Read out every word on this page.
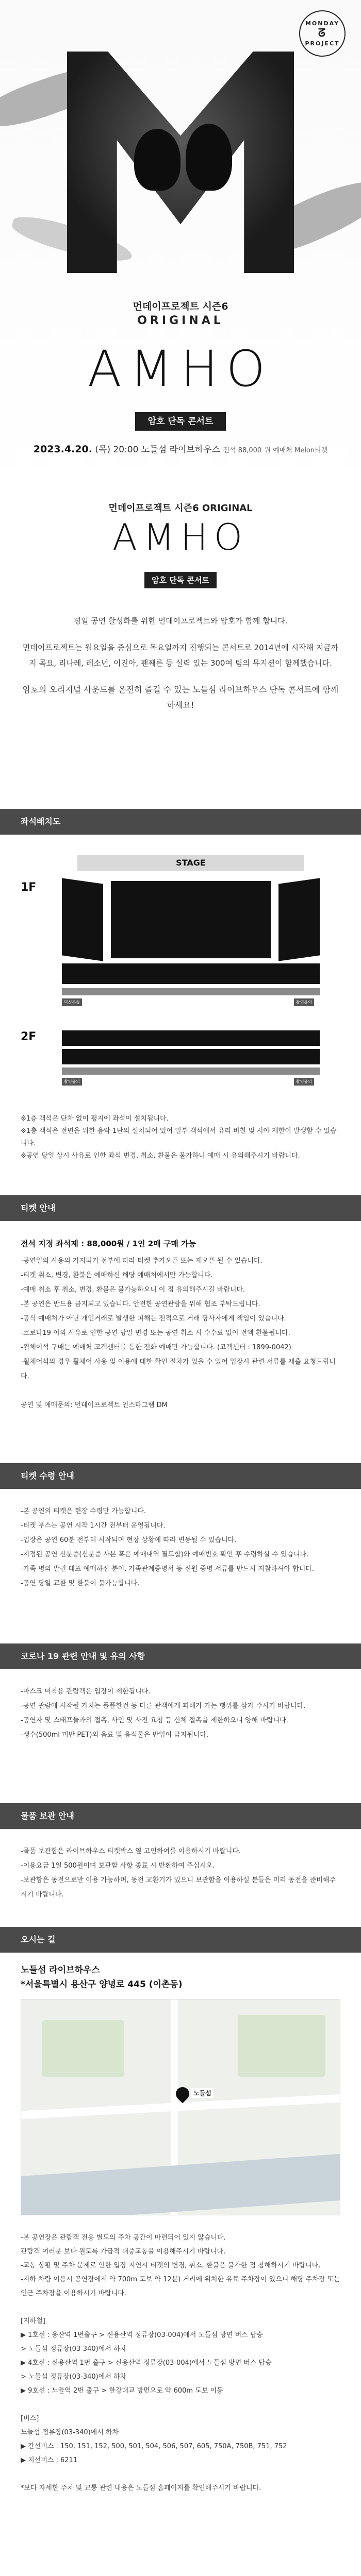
MONDAY
ᘔ
PROJECT
먼데이프로젝트 시즌6
ORIGINAL
AMHO
암호 단독 콘서트
2023.4.20. (목) 20:00 노들섬 라이브하우스 전석 88,000 원 예매처 Melon티켓
먼데이프로젝트 시즌6 ORIGINAL
AMHO
암호 단독 콘서트

평일 공연 활성화를 위한 먼데이프로젝트와 암호가 함께 합니다.

먼데이프로젝트는 월요일을 중심으로 목요일까지 진행되는 콘서트로 2014년에 시작해 지금까지 목요, 리나레, 레소넌, 이진아, 펜째른 등 실력 있는 300여 팀의 뮤지션이 함께했습니다.

암호의 오리지널 사운드를 온전히 즐길 수 있는 노들섬 라이브하우스 단독 콘서트에 함께 하세요!

좌석배치도
1F
STAGE
믹싱콘솔	촬영유의
2F
촬영유의	촬영유의

※1층 객석은 단차 없이 평지에 좌석이 설치됩니다.

※1층 객석은 전면을 위한 음악 1단의 설치되어 있어 일부 객석에서 유리 비칠 및 시야 제한이 발생할 수 있습니다.

※공연 당일 상시 사유로 인한 좌석 변경, 취소, 환불은 불가하니 예매 시 유의해주시기 바랍니다.

티켓 안내

전석 지정 좌석제 : 88,000원 / 1인 2매 구매 가능

-공연일의 사용의 가지되기 전부에 따라 티켓 추가오픈 또는 제오픈 될 수 있습니다.

-티켓 취소, 변경, 환불은 예매하신 해당 예매처에서만 가능합니다.

-예매 취소 후 취소, 변경, 환불은 불가능하오니 이 점 유의해주시길 바랍니다.

-본 공연은 반드용 금지되고 있습니다. 안전한 공연관람을 위해 협조 부탁드립니다.

-공식 예매처가 아닌 개인거래로 발생한 피해는 전적으로 거래 당사자에게 책임이 있습니다.

-코로나19 이외 사유로 인한 공연 당일 변경 또는 공연 취소 시 수수료 없이 전액 환불됩니다.

-휠체어석 구매는 예매처 고객센터를 통한 전화 예매만 가능합니다. (고객센터 : 1899-0042)

-휠체어석의 경우 휠체어 사용 및 이용에 대한 확인 절차가 있을 수 있어 입장시 관련 서류를 제출 요청드립니다.

공연 및 예매문의: 먼데이프로젝트 인스타그램 DM

티켓 수령 안내

-본 공연의 티켓은 현장 수령만 가능합니다.

-티켓 부스는 공연 시작 1시간 전부터 운영됩니다.

-입장은 공연 60분 전부터 시작되며 현장 상황에 따라 변동될 수 있습니다.

-지정된 공연 신분증(신분증 사본 혹은 예매내역 필드할)와 예매번호 확인 후 수령하실 수 있습니다.

-가족 명의 발권 대표 예매하신 분이, 가족관계증명서 등 신원 증명 서류를 반드시 지참하셔야 합니다.

-공연 당일 교환 및 환불이 불가능합니다.

코로나 19 관련 안내 및 유의 사항

-마스크 미착용 관람객은 입장이 제한됩니다.

-공연 관람에 시작될 가치는 플플한건 등 다른 관객에게 피해가 가는 행위를 삼가 주시기 바랍니다.

-공연자 및 스태프들과의 접촉, 사인 및 사진 요청 등 신체 접촉을 제한하오니 양해 바랍니다.

-생수(500ml 미만 PET)외 음료 및 음식물은 반입이 금지됩니다.

물품 보관 안내

-물품 보관함은 라이브하우스 티켓박스 옆 고인하여를 이용하시기 바랍니다.

-이용요금 1일 500원이며 보관할 사항 종료 시 반환하여 주십시오.

-보관함은 동전으로만 이용 가능하며, 동전 교환기가 있으니 보관함을 이용하실 분들은 미리 동전을 준비해주시기 바랍니다.

오시는 길

노들섬 라이브하우스

*서울특별시 용산구 양녕로 445 (이촌동)

노들섬

-본 공연장은 관람객 전용 별도의 주차 공간이 마련되어 있지 않습니다.

관람객 여러분 보다 원도록 가급적 대중교통을 이용해주시기 바랍니다.

-교통 상황 및 주차 문제로 인한 입장 지연시 티켓의 변경, 취소, 환불은 불가한 점 참해하시기 바랍니다.

-지하 차량 이용시 공연장에서 약 700m 도보 약 12분) 거리에 위치한 유료 주차장이 있으니 해당 주차장 또는 인근 주차장을 이용하시기 바랍니다.

[지하철]

▶ 1호선 : 용산역 1번출구 > 신용산역 정류장(03-004)에서 노들섬 방면 버스 탑승

> 노들섬 정류장(03-340)에서 하차

▶ 4호선 : 신용산역 1번 출구 > 신용산역 정류장(03-004)에서 노들섬 방면 버스 탑승

> 노들섬 정류장(03-340)에서 하차

▶ 9호선 : 노들역 2번 출구 > 한강대교 방면으로 약 600m 도보 이동

[버스]

노들섬 정류장(03-340)에서 하차

▶ 간선버스 : 150, 151, 152, 500, 501, 504, 506, 507, 605, 750A, 750B, 751, 752

▶ 지선버스 : 6211

*보다 자세한 주차 및 교통 관련 내용은 노들섬 홈페이지를 확인해주시기 바랍니다.
